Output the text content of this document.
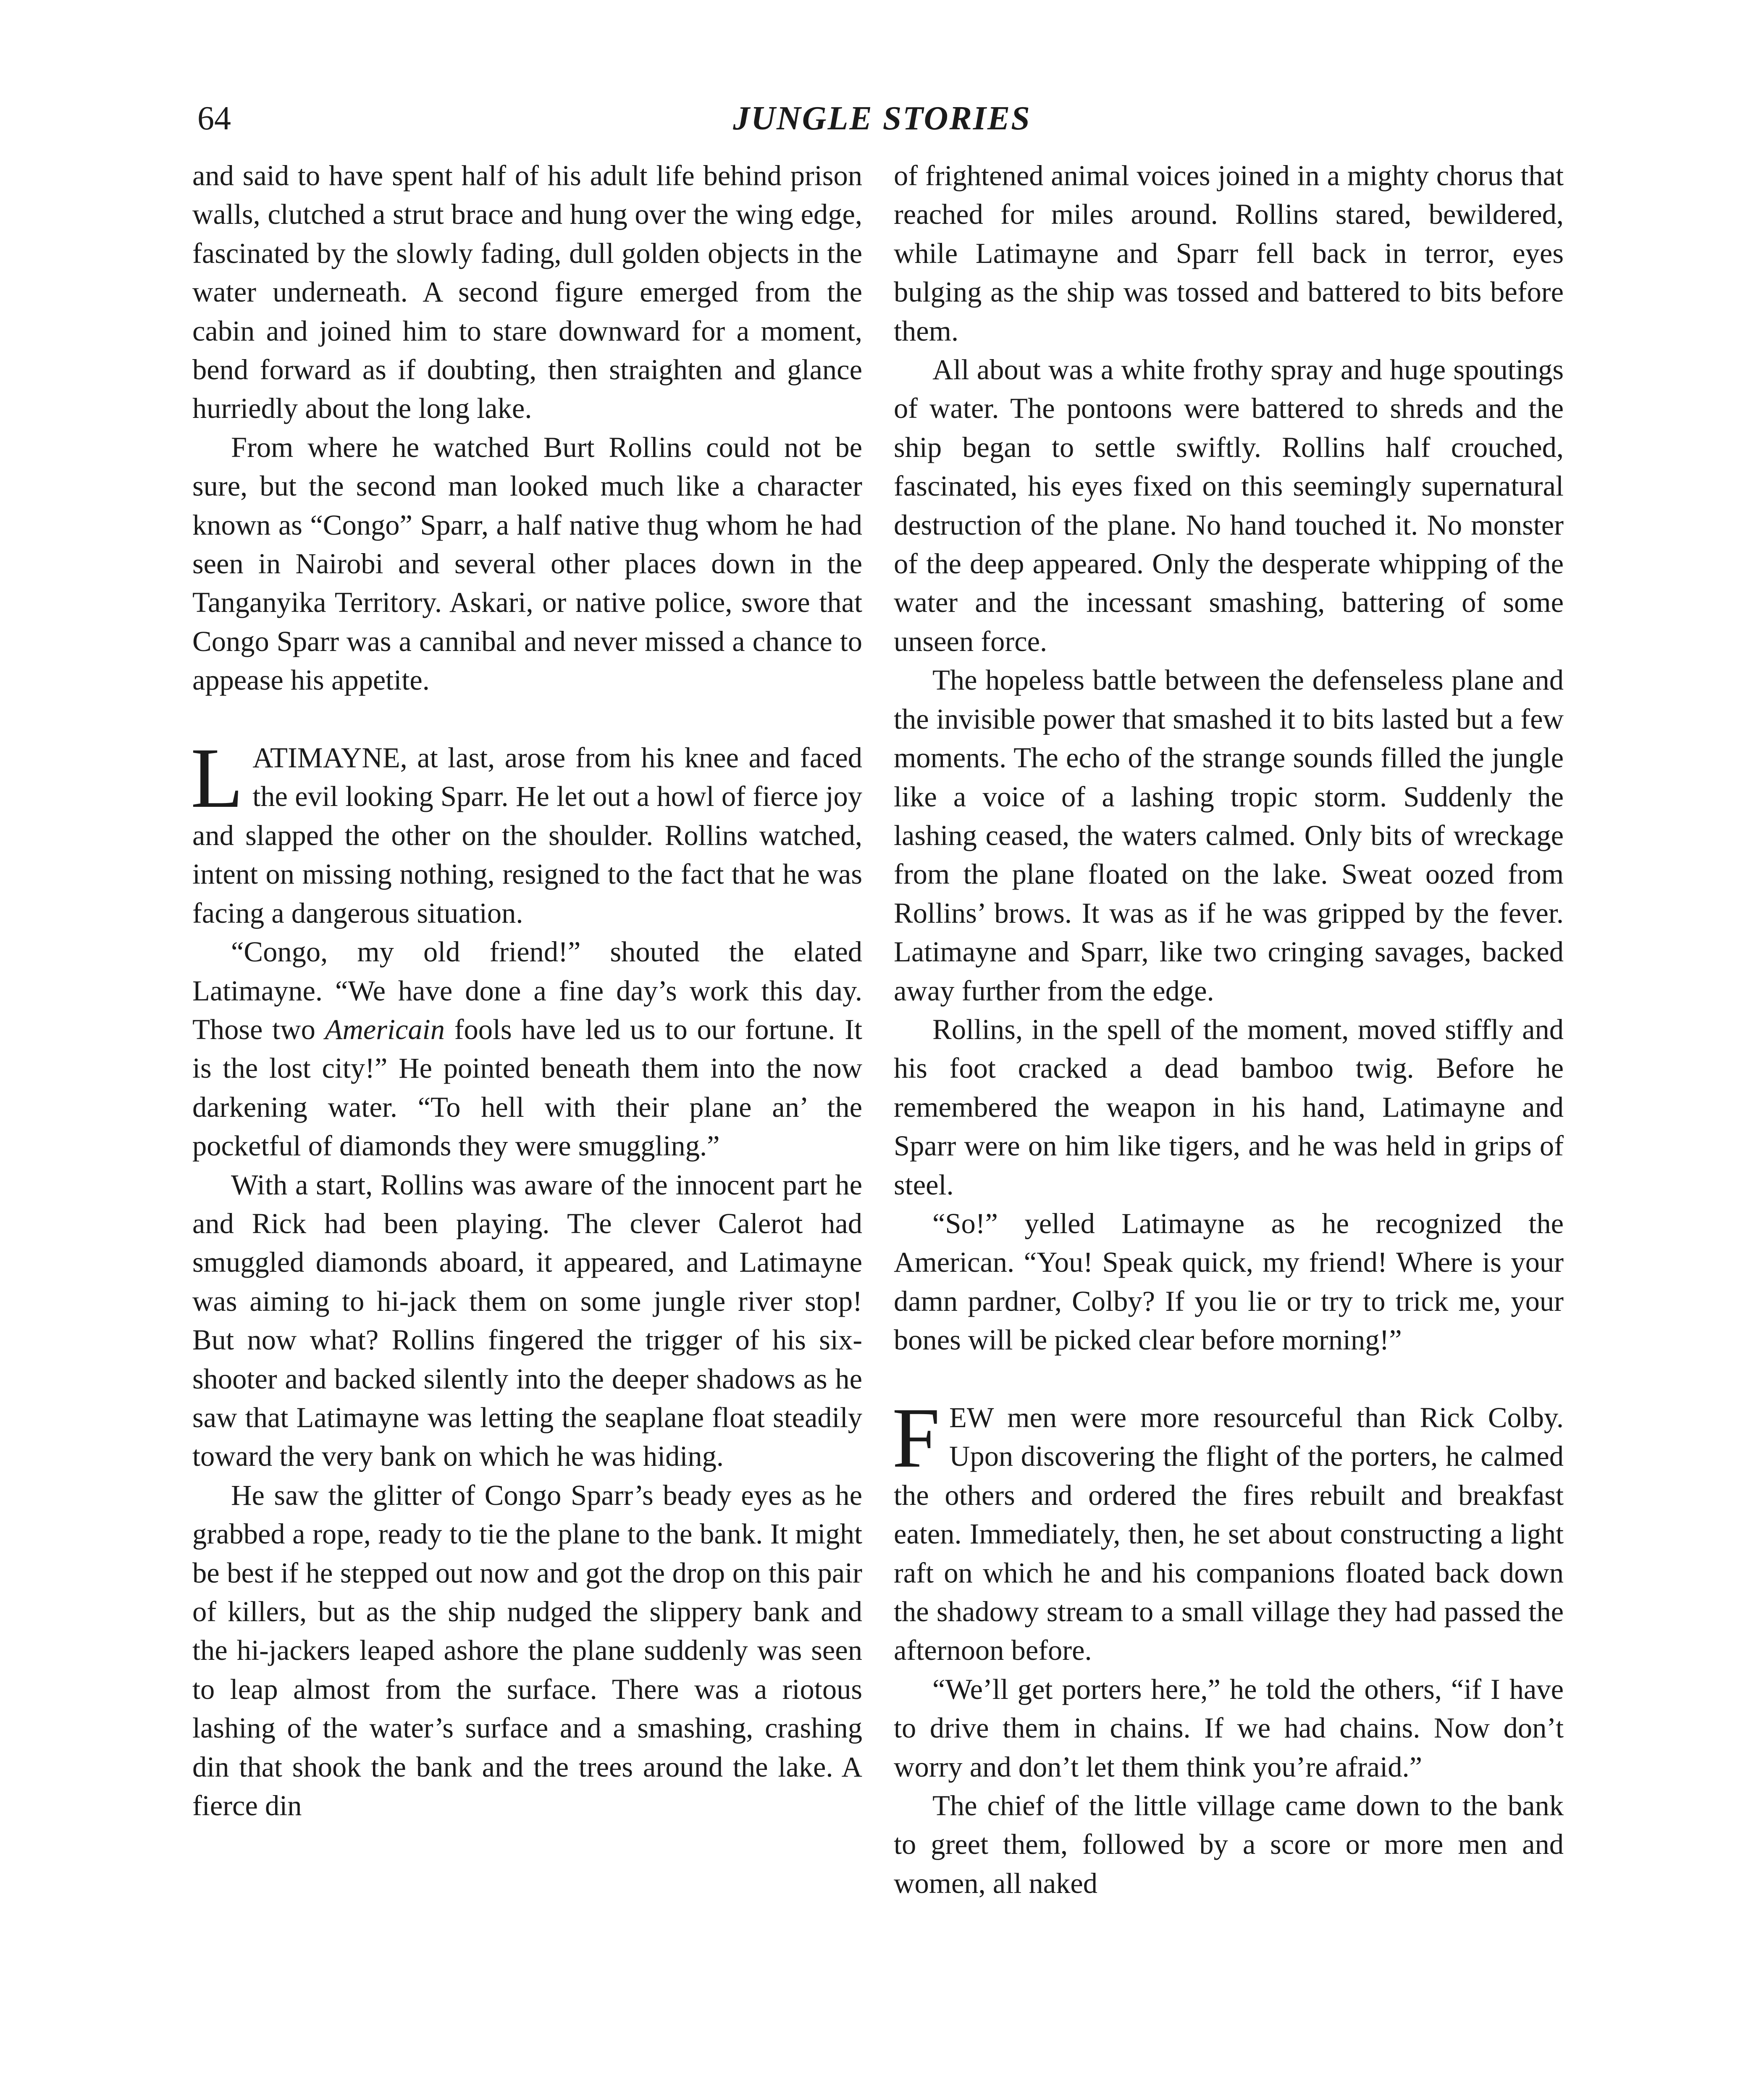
64	JUNGLE STORIES

and said to have spent half of his adult life behind prison walls, clutched a strut brace and hung over the wing edge, fascinated by the slowly fading, dull golden objects in the water underneath. A second figure emerged from the cabin and joined him to stare downward for a moment, bend forward as if doubting, then straighten and glance hurriedly about the long lake.

From where he watched Burt Rollins could not be sure, but the second man looked much like a character known as “Congo” Sparr, a half native thug whom he had seen in Nairobi and several other places down in the Tanganyika Territory. Askari, or native police, swore that Congo Sparr was a cannibal and never missed a chance to appease his appetite.

LATIMAYNE, at last, arose from his knee and faced the evil looking Sparr. He let out a howl of fierce joy and slapped the other on the shoulder. Rollins watched, intent on missing nothing, resigned to the fact that he was facing a dangerous situation.

“Congo, my old friend!” shouted the elated Latimayne. “We have done a fine day’s work this day. Those two Americain fools have led us to our fortune. It is the lost city!” He pointed beneath them into the now darkening water. “To hell with their plane an’ the pocketful of diamonds they were smuggling.”

With a start, Rollins was aware of the innocent part he and Rick had been playing. The clever Calerot had smuggled diamonds aboard, it appeared, and Latimayne was aiming to hi-jack them on some jungle river stop! But now what? Rollins fingered the trigger of his six-shooter and backed silently into the deeper shadows as he saw that Latimayne was letting the seaplane float steadily toward the very bank on which he was hiding.

He saw the glitter of Congo Sparr’s beady eyes as he grabbed a rope, ready to tie the plane to the bank. It might be best if he stepped out now and got the drop on this pair of killers, but as the ship nudged the slippery bank and the hi-jackers leaped ashore the plane suddenly was seen to leap almost from the surface. There was a riotous lashing of the water’s surface and a smashing, crashing din that shook the bank and the trees around the lake. A fierce din

of frightened animal voices joined in a mighty chorus that reached for miles around. Rollins stared, bewildered, while Latimayne and Sparr fell back in terror, eyes bulging as the ship was tossed and battered to bits before them.

All about was a white frothy spray and huge spoutings of water. The pontoons were battered to shreds and the ship began to settle swiftly. Rollins half crouched, fascinated, his eyes fixed on this seemingly supernatural destruction of the plane. No hand touched it. No monster of the deep appeared. Only the desperate whipping of the water and the incessant smashing, battering of some unseen force.

The hopeless battle between the defenseless plane and the invisible power that smashed it to bits lasted but a few moments. The echo of the strange sounds filled the jungle like a voice of a lashing tropic storm. Suddenly the lashing ceased, the waters calmed. Only bits of wreckage from the plane floated on the lake. Sweat oozed from Rollins’ brows. It was as if he was gripped by the fever. Latimayne and Sparr, like two cringing savages, backed away further from the edge.

Rollins, in the spell of the moment, moved stiffly and his foot cracked a dead bamboo twig. Before he remembered the weapon in his hand, Latimayne and Sparr were on him like tigers, and he was held in grips of steel.

“So!” yelled Latimayne as he recognized the American. “You! Speak quick, my friend! Where is your damn pardner, Colby? If you lie or try to trick me, your bones will be picked clear before morning!”

FEW men were more resourceful than Rick Colby. Upon discovering the flight of the porters, he calmed the others and ordered the fires rebuilt and breakfast eaten. Immediately, then, he set about constructing a light raft on which he and his companions floated back down the shadowy stream to a small village they had passed the afternoon before.

“We’ll get porters here,” he told the others, “if I have to drive them in chains. If we had chains. Now don’t worry and don’t let them think you’re afraid.”

The chief of the little village came down to the bank to greet them, followed by a score or more men and women, all naked
